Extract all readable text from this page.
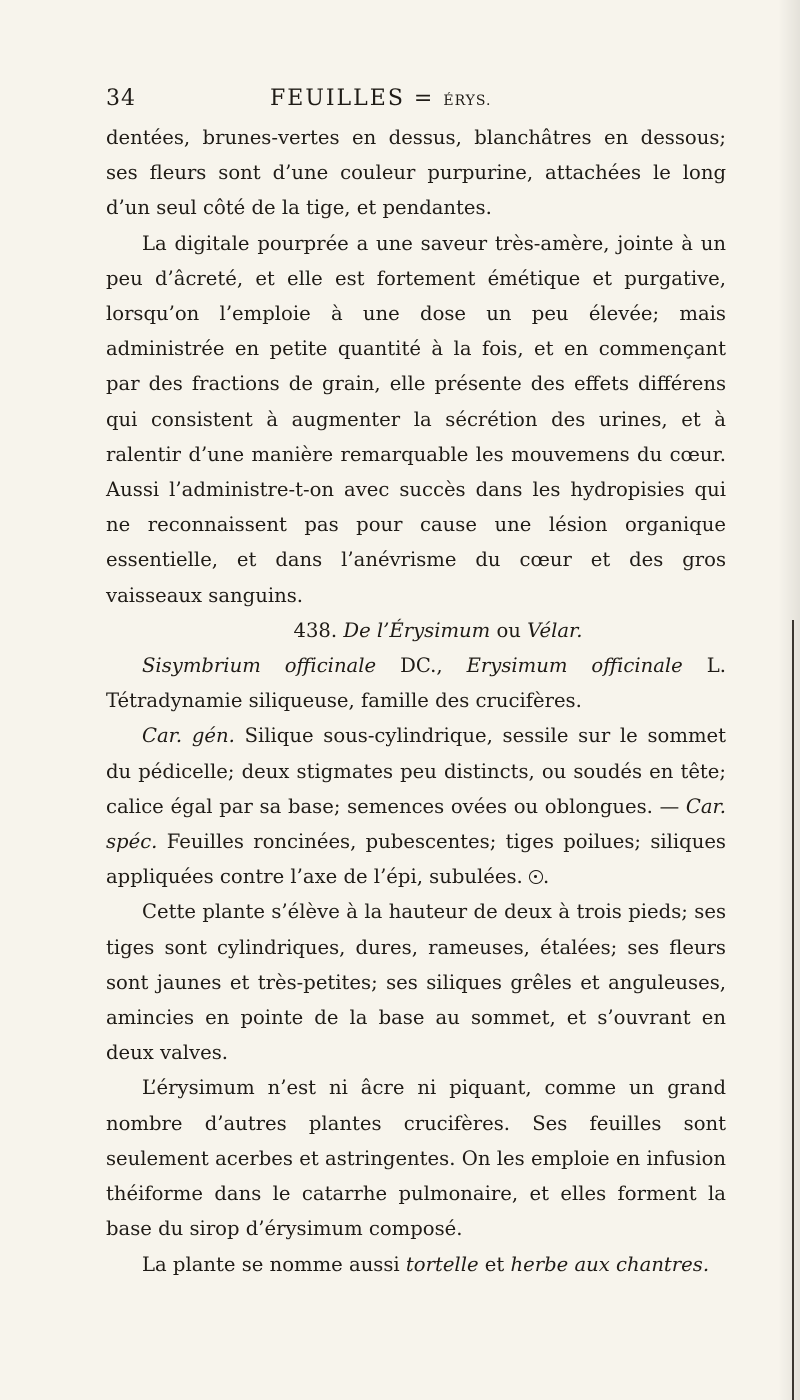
34	FEUILLES = ÉRYS.

dentées, brunes-vertes en dessus, blanchâtres en dessous; ses fleurs sont d’une couleur purpurine, attachées le long d’un seul côté de la tige, et pendantes.

La digitale pourprée a une saveur très-amère, jointe à un peu d’âcreté, et elle est fortement émétique et purgative, lorsqu’on l’emploie à une dose un peu élevée; mais administrée en petite quantité à la fois, et en commençant par des fractions de grain, elle présente des effets différens qui consistent à augmenter la sécrétion des urines, et à ralentir d’une manière remarquable les mouvemens du cœur. Aussi l’administre-t-on avec succès dans les hydropisies qui ne reconnaissent pas pour cause une lésion organique essentielle, et dans l’anévrisme du cœur et des gros vaisseaux sanguins.

438. De l’Érysimum ou Vélar.

Sisymbrium officinale DC., Erysimum officinale L. Tétradynamie siliqueuse, famille des crucifères.

Car. gén. Silique sous-cylindrique, sessile sur le sommet du pédicelle; deux stigmates peu distincts, ou soudés en tête; calice égal par sa base; semences ovées ou oblongues. — Car. spéc. Feuilles roncinées, pubescentes; tiges poilues; siliques appliquées contre l’axe de l’épi, subulées. .

Cette plante s’élève à la hauteur de deux à trois pieds; ses tiges sont cylindriques, dures, rameuses, étalées; ses fleurs sont jaunes et très-petites; ses siliques grêles et anguleuses, amincies en pointe de la base au sommet, et s’ouvrant en deux valves.

L’érysimum n’est ni âcre ni piquant, comme un grand nombre d’autres plantes crucifères. Ses feuilles sont seulement acerbes et astringentes. On les emploie en infusion théiforme dans le catarrhe pulmonaire, et elles forment la base du sirop d’érysimum composé.

La plante se nomme aussi tortelle et herbe aux chantres.
